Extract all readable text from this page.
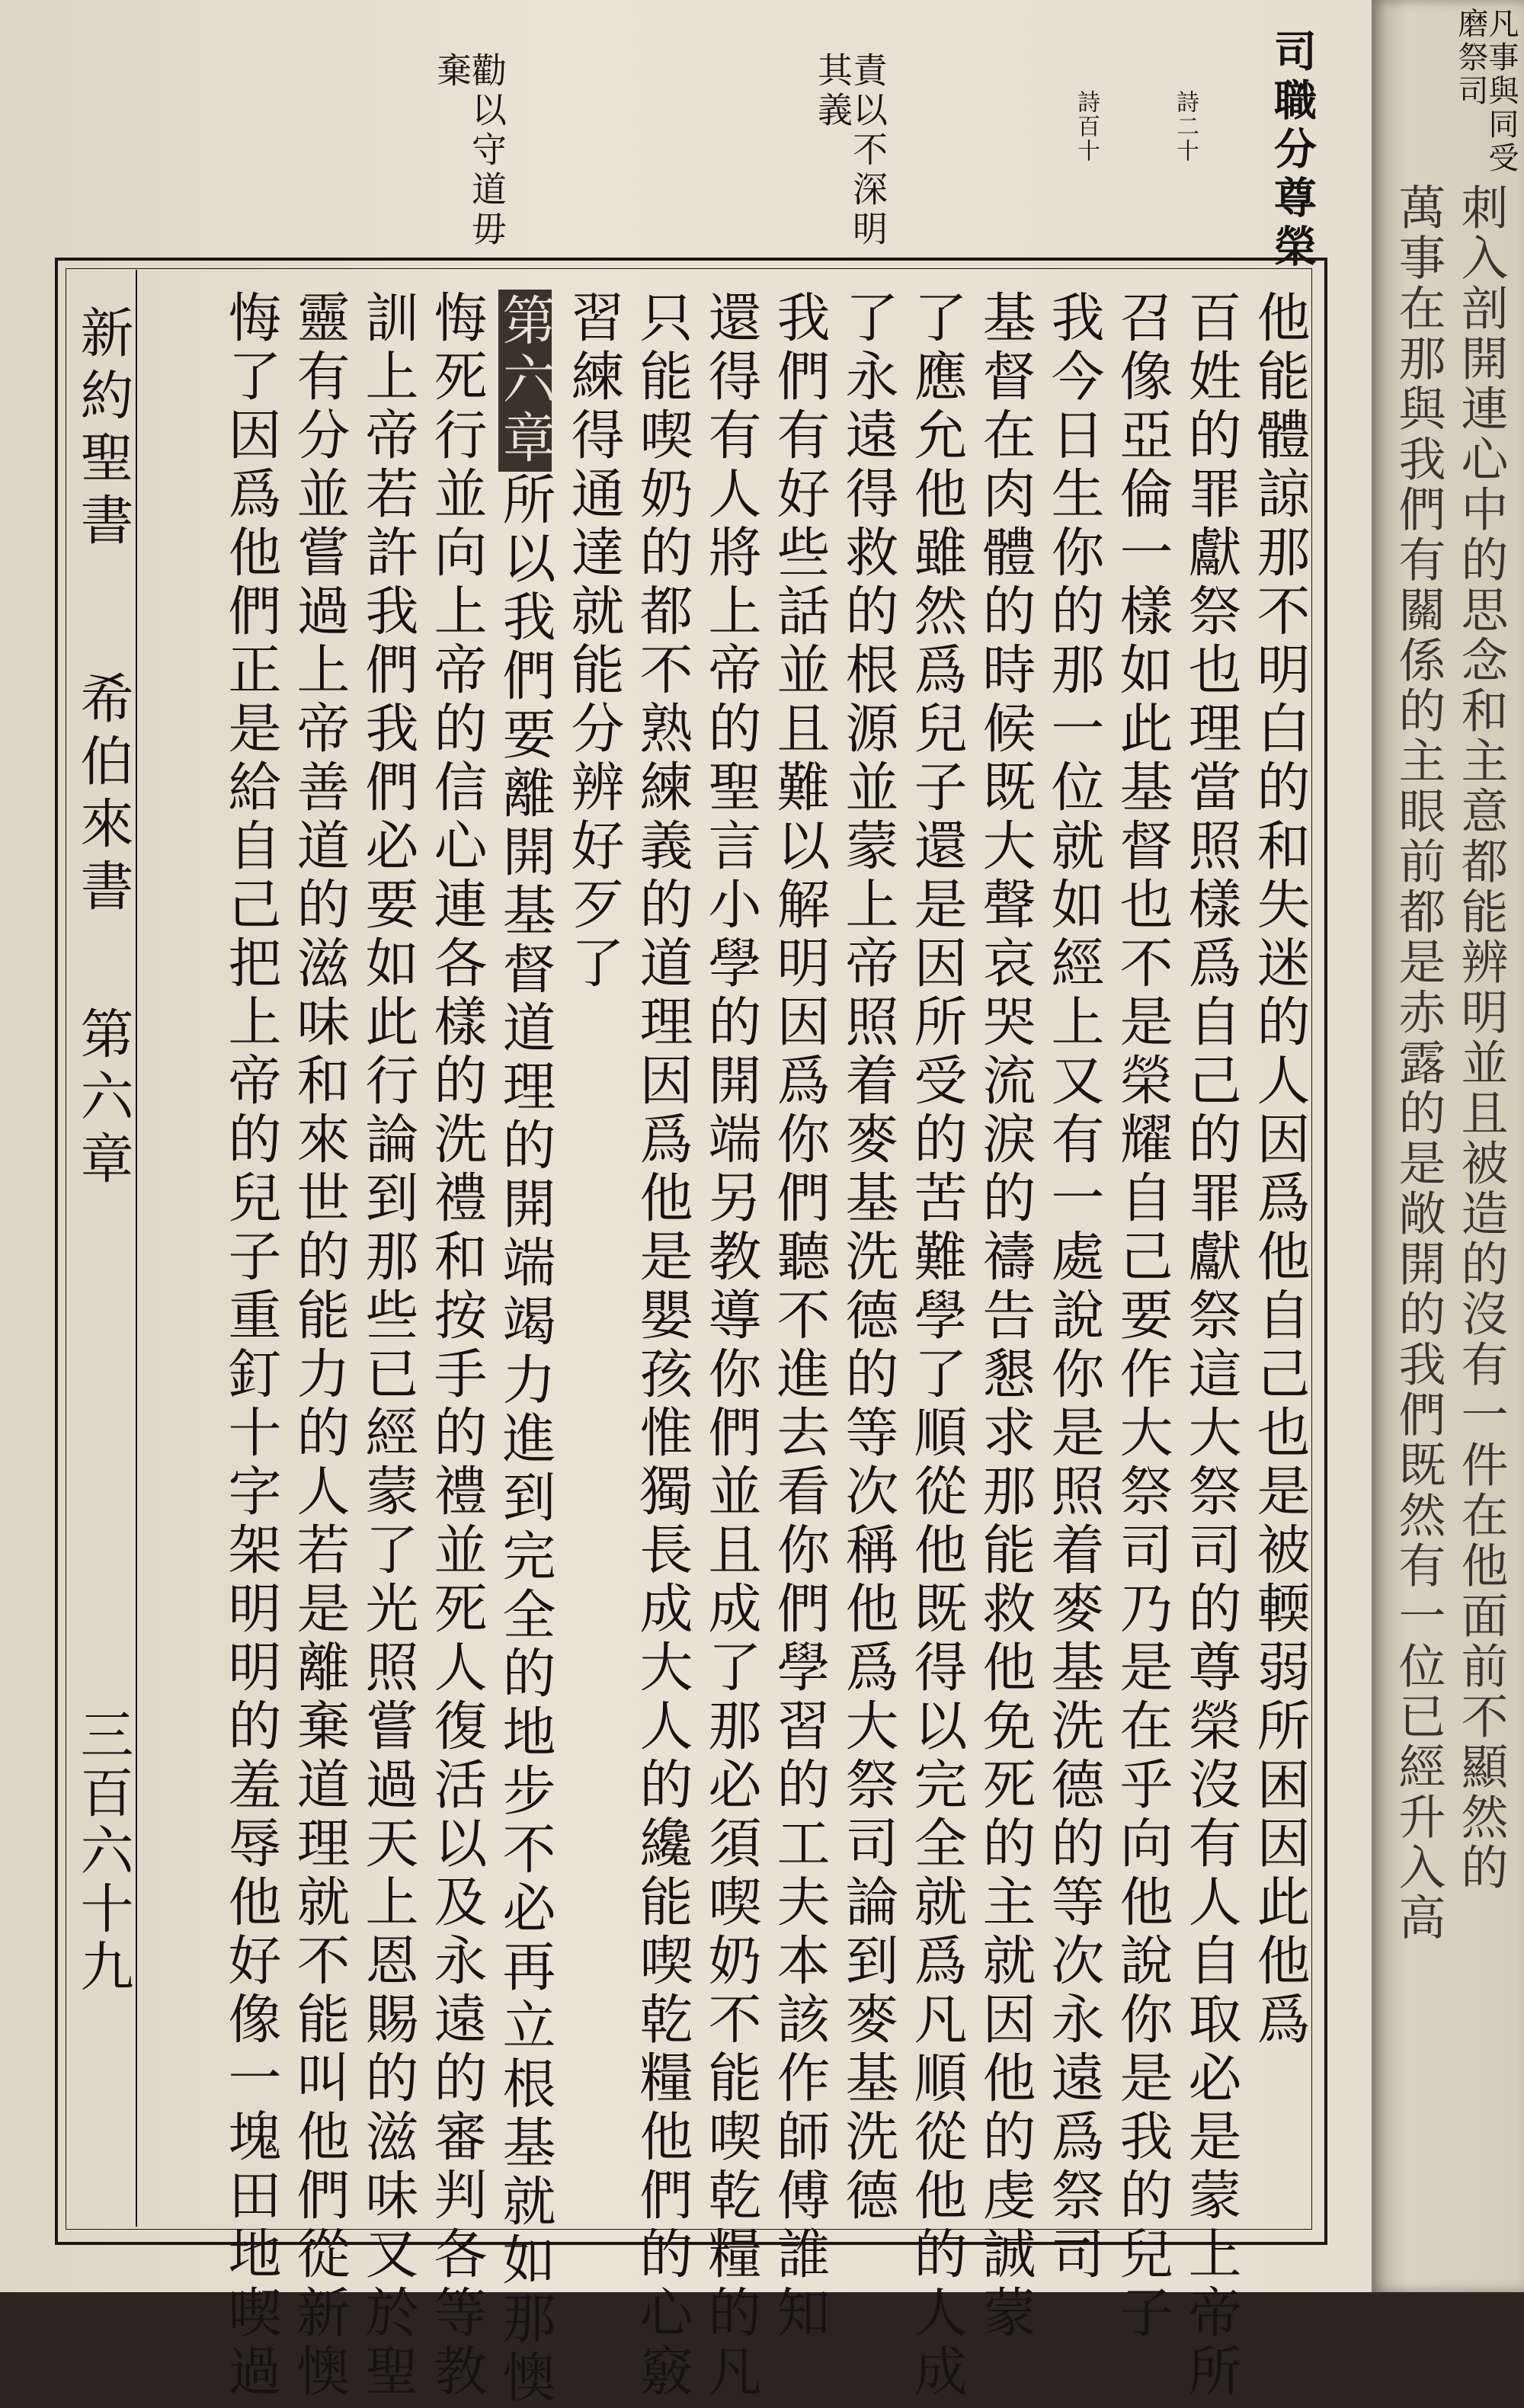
司職分尊榮
詩二十
詩百十
責以不深明其義
勸以守道毋棄
他能體諒那不明白的和失迷的人因爲他自己也是被輭弱所困因此他爲
百姓的罪獻祭也理當照樣爲自己的罪獻祭這大祭司的尊榮沒有人自取必是蒙上帝所
召像亞倫一樣如此基督也不是榮耀自己要作大祭司乃是在乎向他說你是我的兒子
我今日生你的那一位就如經上又有一處說你是照着麥基洗德的等次永遠爲祭司
基督在肉體的時候既大聲哀哭流淚的禱告懇求那能救他免死的主就因他的虔誠蒙
了應允他雖然爲兒子還是因所受的苦難學了順從他既得以完全就爲凡順從他的人成
了永遠得救的根源並蒙上帝照着麥基洗德的等次稱他爲大祭司論到麥基洗德
我們有好些話並且難以解明因爲你們聽不進去看你們學習的工夫本該作師傅誰知
還得有人將上帝的聖言小學的開端另教導你們並且成了那必須喫奶不能喫乾糧的凡
只能喫奶的都不熟練義的道理因爲他是嬰孩惟獨長成大人的纔能喫乾糧他們的心竅
習練得通達就能分辨好歹了
第六章所以我們要離開基督道理的開端竭力進到完全的地步不必再立根基就如那懊
悔死行並向上帝的信心連各樣的洗禮和按手的禮並死人復活以及永遠的審判各等教
訓上帝若許我們我們必要如此行論到那些已經蒙了光照嘗過天上恩賜的滋味又於聖
靈有分並嘗過上帝善道的滋味和來世的能力的人若是離棄道理就不能叫他們從新懊
悔了因爲他們正是給自己把上帝的兒子重釘十字架明明的羞辱他好像一塊田地喫過
新約聖書
希伯來書
第六章
三百六十九
凡事與同受磨祭司
刺入剖開連心中的思念和主意都能辨明並且被造的沒有一件在他面前不顯然的
萬事在那與我們有關係的主眼前都是赤露的是敞開的我們既然有一位已經升入高
